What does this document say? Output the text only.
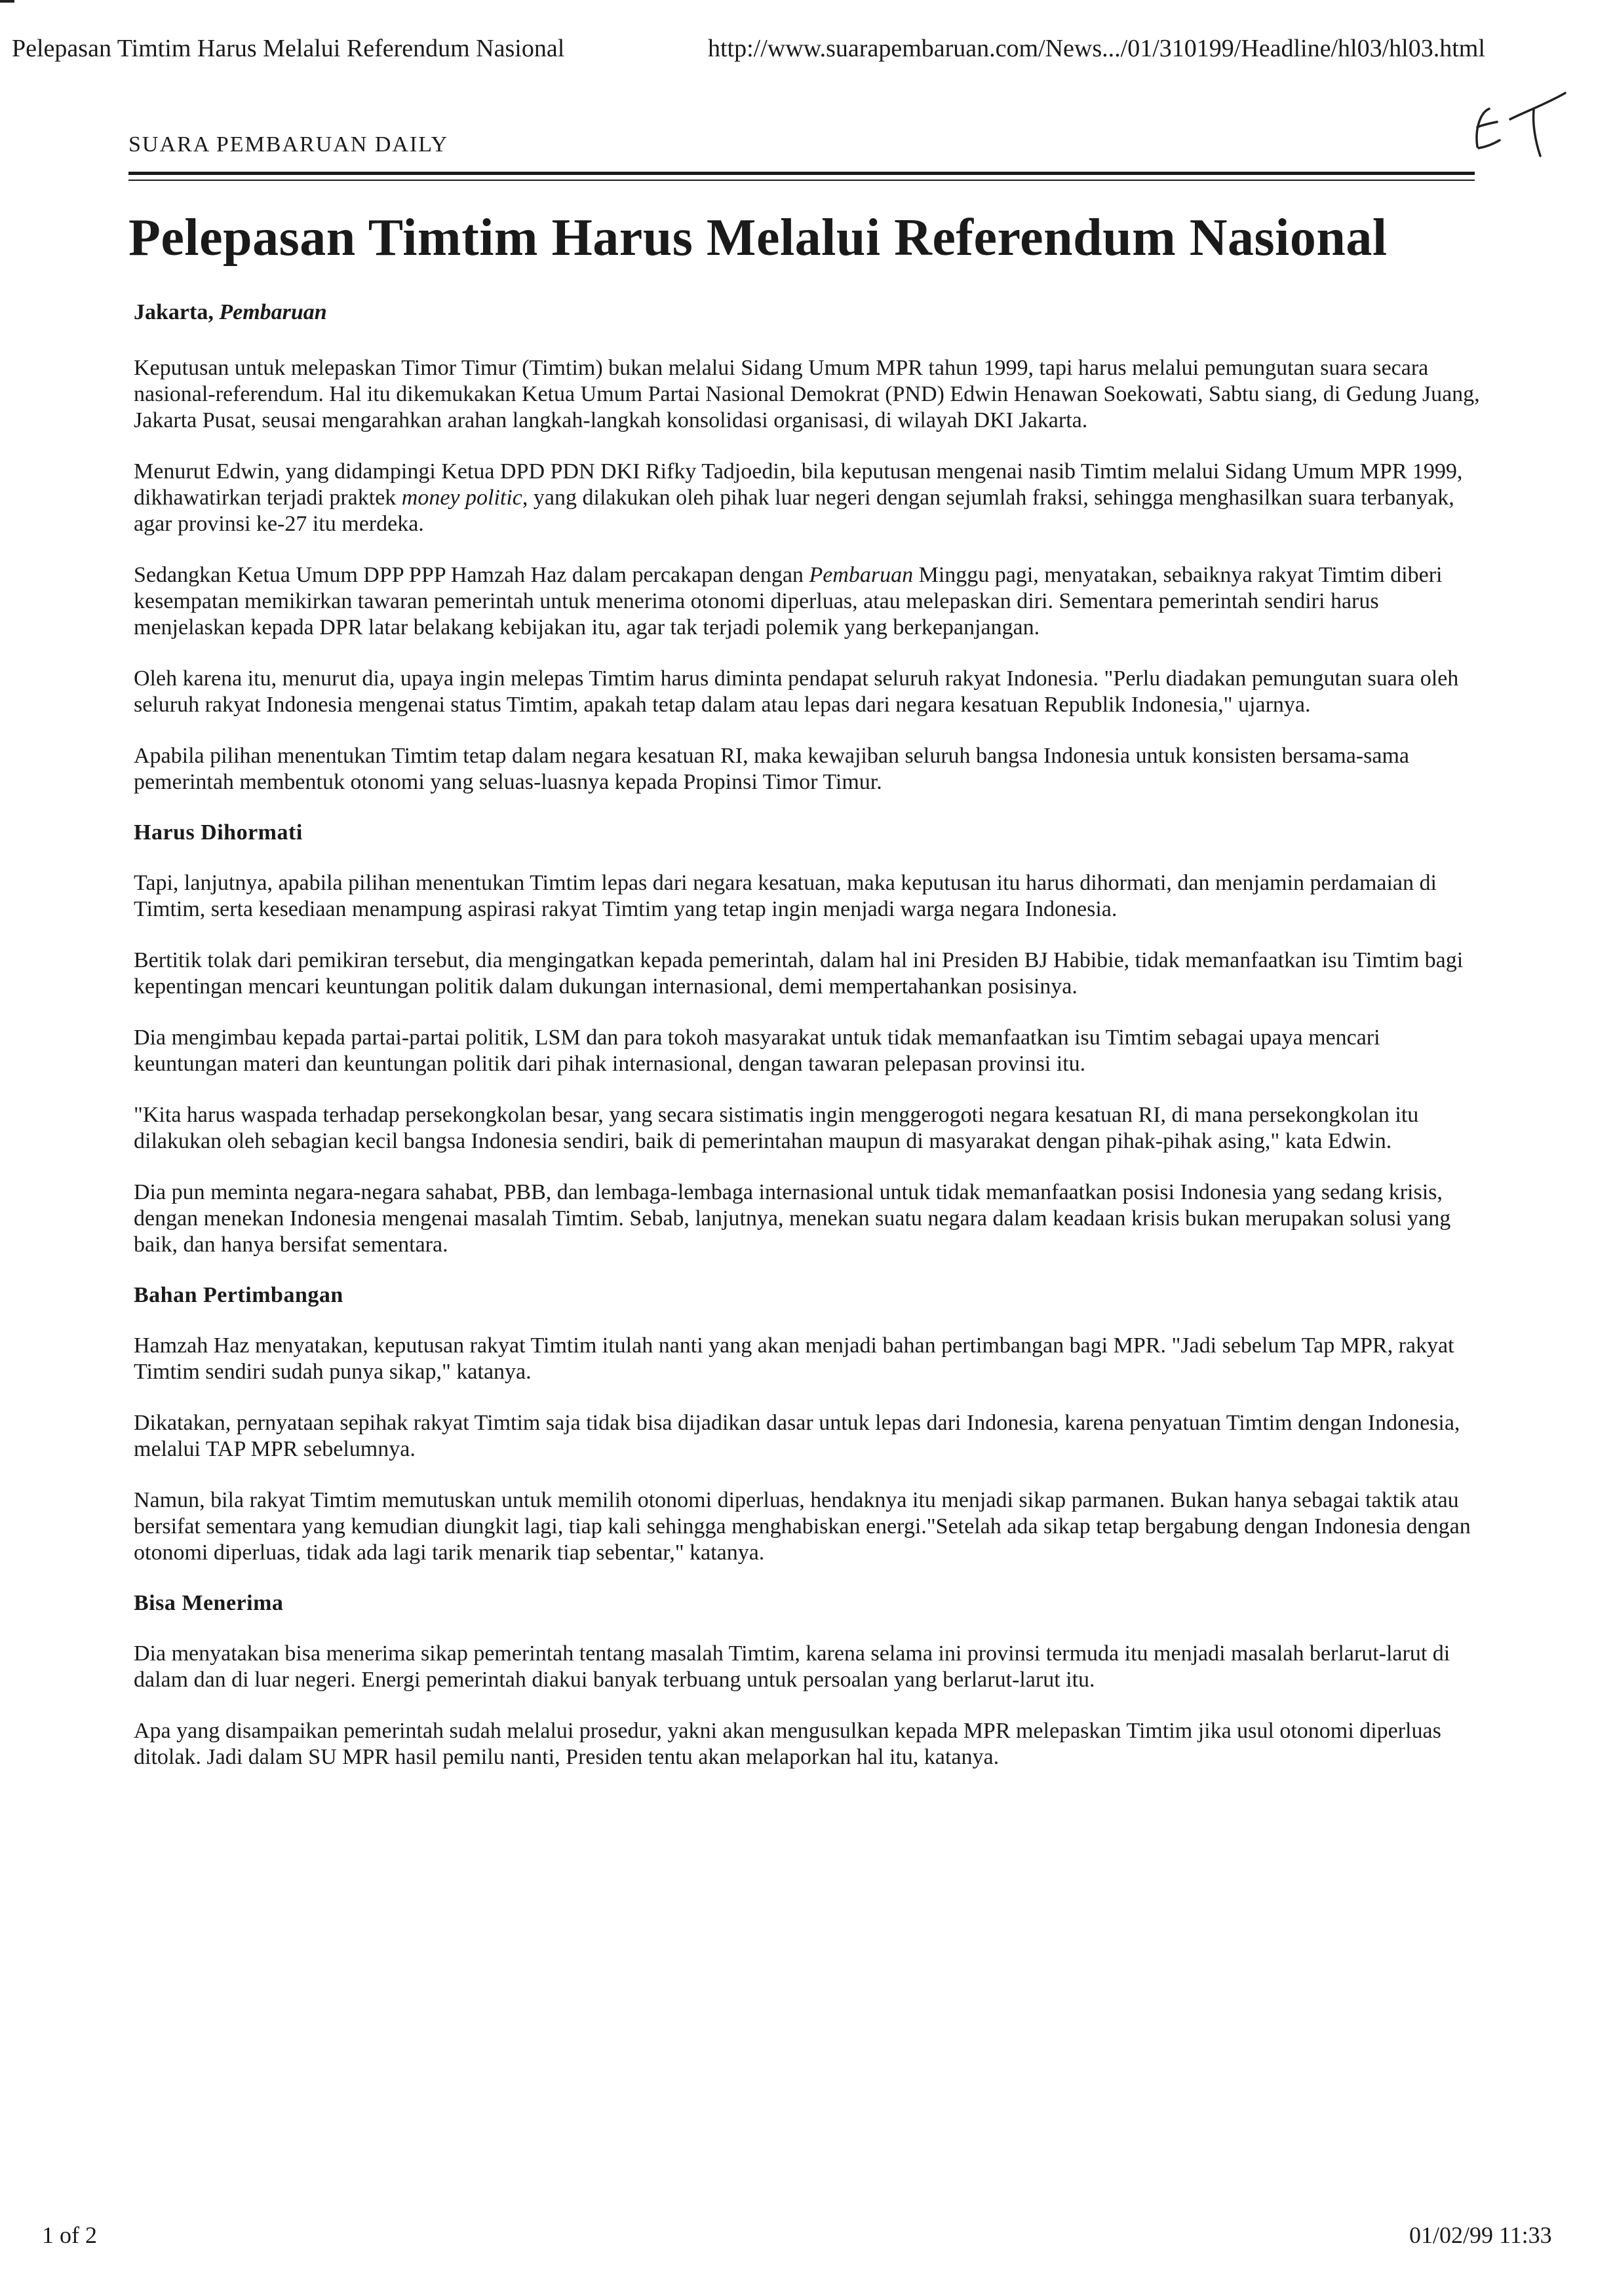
Pelepasan Timtim Harus Melalui Referendum Nasional	http://www.suarapembaruan.com/News.../01/310199/Headline/hl03/hl03.html
SUARA PEMBARUAN DAILY
Pelepasan Timtim Harus Melalui Referendum Nasional

Jakarta, Pembaruan

Keputusan untuk melepaskan Timor Timur (Timtim) bukan melalui Sidang Umum MPR tahun 1999, tapi harus melalui pemungutan suara secara nasional-referendum. Hal itu dikemukakan Ketua Umum Partai Nasional Demokrat (PND) Edwin Henawan Soekowati, Sabtu siang, di Gedung Juang, Jakarta Pusat, seusai mengarahkan arahan langkah-langkah konsolidasi organisasi, di wilayah DKI Jakarta.

Menurut Edwin, yang didampingi Ketua DPD PDN DKI Rifky Tadjoedin, bila keputusan mengenai nasib Timtim melalui Sidang Umum MPR 1999, dikhawatirkan terjadi praktek money politic, yang dilakukan oleh pihak luar negeri dengan sejumlah fraksi, sehingga menghasilkan suara terbanyak, agar provinsi ke-27 itu merdeka.

Sedangkan Ketua Umum DPP PPP Hamzah Haz dalam percakapan dengan Pembaruan Minggu pagi, menyatakan, sebaiknya rakyat Timtim diberi kesempatan memikirkan tawaran pemerintah untuk menerima otonomi diperluas, atau melepaskan diri. Sementara pemerintah sendiri harus menjelaskan kepada DPR latar belakang kebijakan itu, agar tak terjadi polemik yang berkepanjangan.

Oleh karena itu, menurut dia, upaya ingin melepas Timtim harus diminta pendapat seluruh rakyat Indonesia. "Perlu diadakan pemungutan suara oleh seluruh rakyat Indonesia mengenai status Timtim, apakah tetap dalam atau lepas dari negara kesatuan Republik Indonesia," ujarnya.

Apabila pilihan menentukan Timtim tetap dalam negara kesatuan RI, maka kewajiban seluruh bangsa Indonesia untuk konsisten bersama-sama pemerintah membentuk otonomi yang seluas-luasnya kepada Propinsi Timor Timur.

Harus Dihormati

Tapi, lanjutnya, apabila pilihan menentukan Timtim lepas dari negara kesatuan, maka keputusan itu harus dihormati, dan menjamin perdamaian di Timtim, serta kesediaan menampung aspirasi rakyat Timtim yang tetap ingin menjadi warga negara Indonesia.

Bertitik tolak dari pemikiran tersebut, dia mengingatkan kepada pemerintah, dalam hal ini Presiden BJ Habibie, tidak memanfaatkan isu Timtim bagi kepentingan mencari keuntungan politik dalam dukungan internasional, demi mempertahankan posisinya.

Dia mengimbau kepada partai-partai politik, LSM dan para tokoh masyarakat untuk tidak memanfaatkan isu Timtim sebagai upaya mencari keuntungan materi dan keuntungan politik dari pihak internasional, dengan tawaran pelepasan provinsi itu.

"Kita harus waspada terhadap persekongkolan besar, yang secara sistimatis ingin menggerogoti negara kesatuan RI, di mana persekongkolan itu dilakukan oleh sebagian kecil bangsa Indonesia sendiri, baik di pemerintahan maupun di masyarakat dengan pihak-pihak asing," kata Edwin.

Dia pun meminta negara-negara sahabat, PBB, dan lembaga-lembaga internasional untuk tidak memanfaatkan posisi Indonesia yang sedang krisis, dengan menekan Indonesia mengenai masalah Timtim. Sebab, lanjutnya, menekan suatu negara dalam keadaan krisis bukan merupakan solusi yang baik, dan hanya bersifat sementara.

Bahan Pertimbangan

Hamzah Haz menyatakan, keputusan rakyat Timtim itulah nanti yang akan menjadi bahan pertimbangan bagi MPR. "Jadi sebelum Tap MPR, rakyat Timtim sendiri sudah punya sikap," katanya.

Dikatakan, pernyataan sepihak rakyat Timtim saja tidak bisa dijadikan dasar untuk lepas dari Indonesia, karena penyatuan Timtim dengan Indonesia, melalui TAP MPR sebelumnya.

Namun, bila rakyat Timtim memutuskan untuk memilih otonomi diperluas, hendaknya itu menjadi sikap parmanen. Bukan hanya sebagai taktik atau bersifat sementara yang kemudian diungkit lagi, tiap kali sehingga menghabiskan energi."Setelah ada sikap tetap bergabung dengan Indonesia dengan otonomi diperluas, tidak ada lagi tarik menarik tiap sebentar," katanya.

Bisa Menerima

Dia menyatakan bisa menerima sikap pemerintah tentang masalah Timtim, karena selama ini provinsi termuda itu menjadi masalah berlarut-larut di dalam dan di luar negeri. Energi pemerintah diakui banyak terbuang untuk persoalan yang berlarut-larut itu.

Apa yang disampaikan pemerintah sudah melalui prosedur, yakni akan mengusulkan kepada MPR melepaskan Timtim jika usul otonomi diperluas ditolak. Jadi dalam SU MPR hasil pemilu nanti, Presiden tentu akan melaporkan hal itu, katanya.

1 of 2	01/02/99 11:33
